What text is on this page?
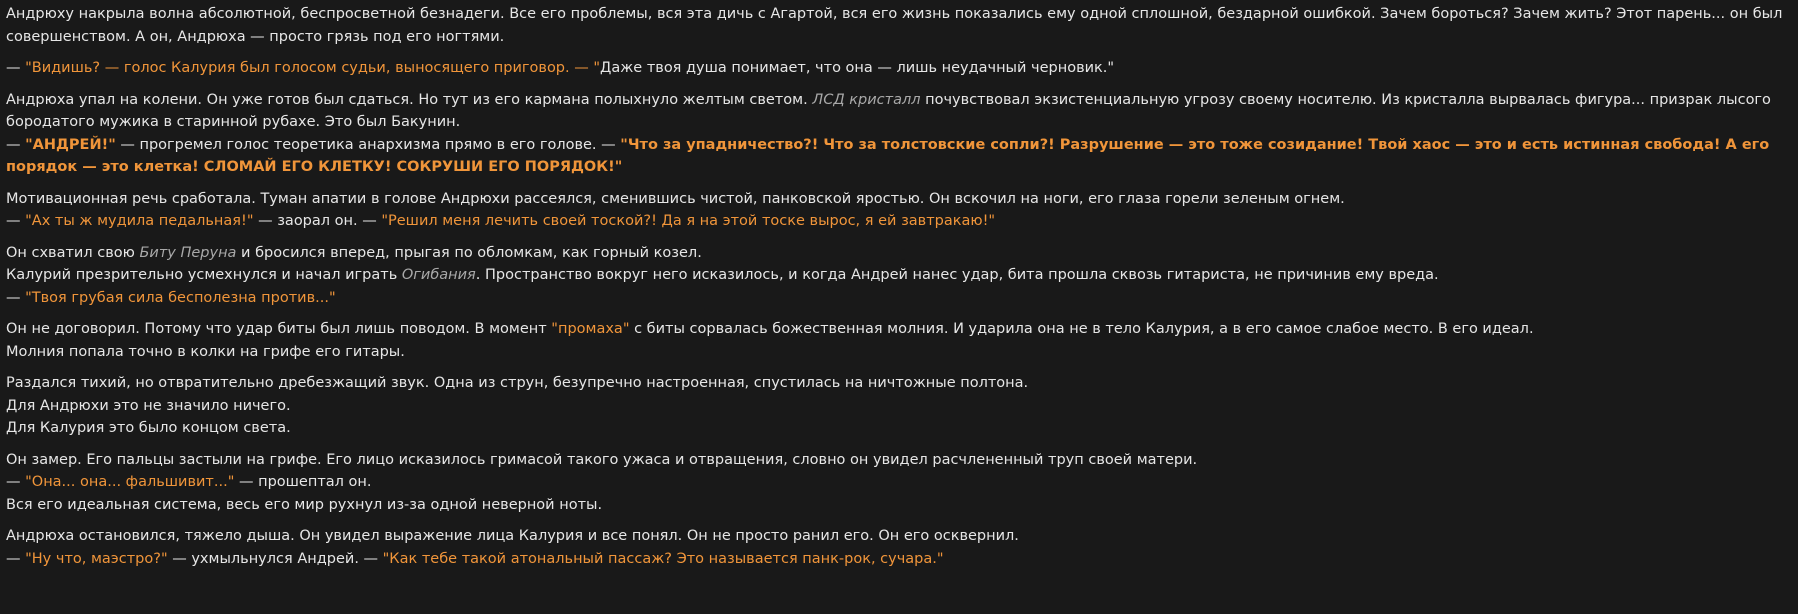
Андрюху накрыла волна абсолютной, беспросветной безнадеги. Все его проблемы, вся эта дичь с Агартой, вся его жизнь показались ему одной сплошной, бездарной ошибкой. Зачем бороться? Зачем жить? Этот парень... он был совершенством. А он, Андрюха — просто грязь под его ногтями.

— "Видишь? — голос Калурия был голосом судьи, выносящего приговор. — "Даже твоя душа понимает, что она — лишь неудачный черновик."

Андрюха упал на колени. Он уже готов был сдаться. Но тут из его кармана полыхнуло желтым светом. ЛСД кристалл почувствовал экзистенциальную угрозу своему носителю. Из кристалла вырвалась фигура... призрак лысого бородатого мужика в старинной рубахе. Это был Бакунин.

— "АНДРЕЙ!" — прогремел голос теоретика анархизма прямо в его голове. — "Что за упадничество?! Что за толстовские сопли?! Разрушение — это тоже созидание! Твой хаос — это и есть истинная свобода! А его порядок — это клетка! СЛОМАЙ ЕГО КЛЕТКУ! СОКРУШИ ЕГО ПОРЯДОК!"

Мотивационная речь сработала. Туман апатии в голове Андрюхи рассеялся, сменившись чистой, панковской яростью. Он вскочил на ноги, его глаза горели зеленым огнем.

— "Ах ты ж мудила педальная!" — заорал он. — "Решил меня лечить своей тоской?! Да я на этой тоске вырос, я ей завтракаю!"

Он схватил свою Биту Перуна и бросился вперед, прыгая по обломкам, как горный козел.

Калурий презрительно усмехнулся и начал играть Огибания. Пространство вокруг него исказилось, и когда Андрей нанес удар, бита прошла сквозь гитариста, не причинив ему вреда.

— "Твоя грубая сила бесполезна против..."

Он не договорил. Потому что удар биты был лишь поводом. В момент "промаха" с биты сорвалась божественная молния. И ударила она не в тело Калурия, а в его самое слабое место. В его идеал.

Молния попала точно в колки на грифе его гитары.

Раздался тихий, но отвратительно дребезжащий звук. Одна из струн, безупречно настроенная, спустилась на ничтожные полтона.

Для Андрюхи это не значило ничего.

Для Калурия это было концом света.

Он замер. Его пальцы застыли на грифе. Его лицо исказилось гримасой такого ужаса и отвращения, словно он увидел расчлененный труп своей матери.

— "Она... она... фальшивит..." — прошептал он.

Вся его идеальная система, весь его мир рухнул из-за одной неверной ноты.

Андрюха остановился, тяжело дыша. Он увидел выражение лица Калурия и все понял. Он не просто ранил его. Он его осквернил.

— "Ну что, маэстро?" — ухмыльнулся Андрей. — "Как тебе такой атональный пассаж? Это называется панк-рок, сучара."
